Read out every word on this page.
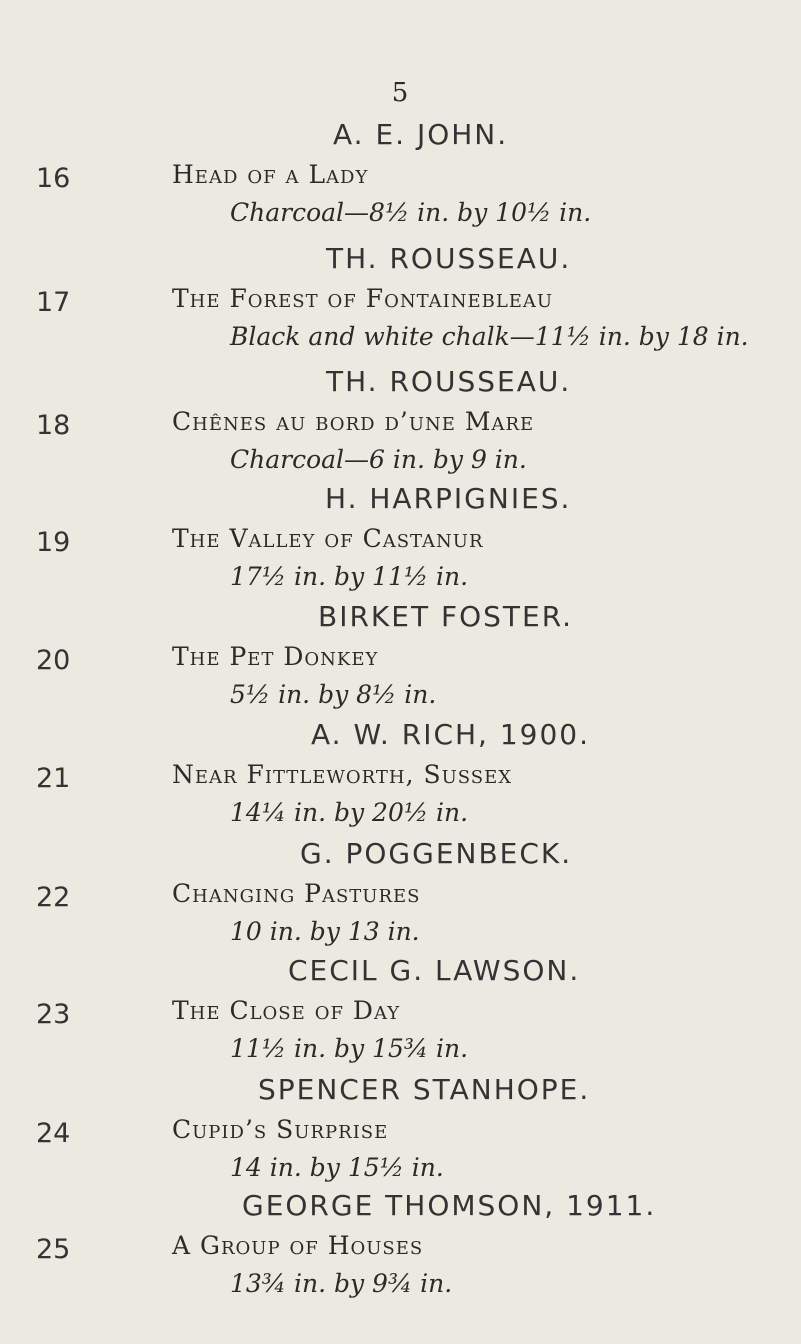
5
A. E. JOHN.
16	Head of a Lady
Charcoal—8½ in. by 10½ in.
TH. ROUSSEAU.
17	The Forest of Fontainebleau
Black and white chalk—11½ in. by 18 in.
TH. ROUSSEAU.
18	Chênes au bord d’une Mare
Charcoal—6 in. by 9 in.
H. HARPIGNIES.
19	The Valley of Castanur
17½ in. by 11½ in.
BIRKET FOSTER.
20	The Pet Donkey
5½ in. by 8½ in.
A. W. RICH, 1900.
21	Near Fittleworth, Sussex
14¼ in. by 20½ in.
G. POGGENBECK.
22	Changing Pastures
10 in. by 13 in.
CECIL G. LAWSON.
23	The Close of Day
11½ in. by 15¾ in.
SPENCER STANHOPE.
24	Cupid’s Surprise
14 in. by 15½ in.
GEORGE THOMSON, 1911.
25	A Group of Houses
13¾ in. by 9¾ in.
